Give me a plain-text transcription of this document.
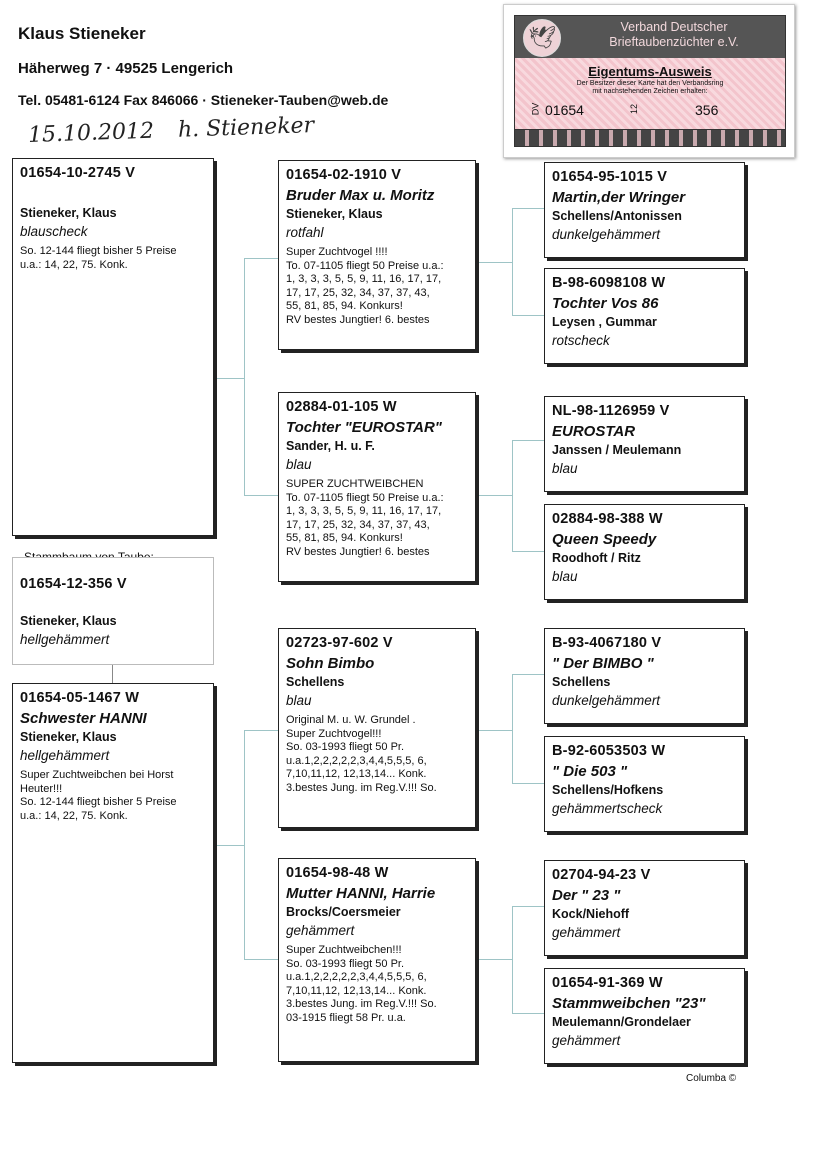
Klaus Stieneker
Häherweg 7 · 49525 Lengerich
Tel. 05481-6124 Fax 846066 · Stieneker-Tauben@web.de
15.10.2012 h. Stieneker
🕊	Verband Deutscher
Brieftaubenzüchter e.V.
Eigentums-Ausweis
Der Besitzer dieser Karte hat den Verbandsring
mit nachstehenden Zeichen erhalten:
DV 01654	12	356
01654-10-2745 V
Stieneker, Klaus
blauscheck
So. 12-144 fliegt bisher 5 Preise
u.a.: 14, 22, 75. Konk.
01654-12-356 V
Stieneker, Klaus
hellgehämmert
01654-05-1467 W
Schwester HANNI
Stieneker, Klaus
hellgehämmert
Super Zuchtweibchen bei Horst
Heuter!!!
So. 12-144 fliegt bisher 5 Preise
u.a.: 14, 22, 75. Konk.
01654-02-1910 V
Bruder Max u. Moritz
Stieneker, Klaus
rotfahl
Super Zuchtvogel !!!!
To. 07-1105 fliegt 50 Preise u.a.:
1, 3, 3, 3, 5, 5, 9, 11, 16, 17, 17,
17, 17, 25, 32, 34, 37, 37, 43,
55, 81, 85, 94. Konkurs!
RV bestes Jungtier! 6. bestes
02884-01-105 W
Tochter "EUROSTAR"
Sander, H. u. F.
blau
SUPER ZUCHTWEIBCHEN
To. 07-1105 fliegt 50 Preise u.a.:
1, 3, 3, 3, 5, 5, 9, 11, 16, 17, 17,
17, 17, 25, 32, 34, 37, 37, 43,
55, 81, 85, 94. Konkurs!
RV bestes Jungtier! 6. bestes
02723-97-602 V
Sohn Bimbo
Schellens
blau
Original M. u. W. Grundel .
Super Zuchtvogel!!!
So. 03-1993 fliegt 50 Pr.
u.a.1,2,2,2,2,2,3,4,4,5,5,5, 6,
7,10,11,12, 12,13,14... Konk.
3.bestes Jung. im Reg.V.!!! So.
01654-98-48 W
Mutter HANNI, Harrie
Brocks/Coersmeier
gehämmert
Super Zuchtweibchen!!!
So. 03-1993 fliegt 50 Pr.
u.a.1,2,2,2,2,2,3,4,4,5,5,5, 6,
7,10,11,12, 12,13,14... Konk.
3.bestes Jung. im Reg.V.!!! So.
03-1915 fliegt 58 Pr. u.a.
01654-95-1015 V
Martin,der Wringer
Schellens/Antonissen
dunkelgehämmert
B-98-6098108 W
Tochter Vos 86
Leysen , Gummar
rotscheck
NL-98-1126959 V
EUROSTAR
Janssen / Meulemann
blau
02884-98-388 W
Queen Speedy
Roodhoft / Ritz
blau
B-93-4067180 V
" Der BIMBO "
Schellens
dunkelgehämmert
B-92-6053503 W
" Die 503 "
Schellens/Hofkens
gehämmertscheck
02704-94-23 V
Der " 23 "
Kock/Niehoff
gehämmert
01654-91-369 W
Stammweibchen "23"
Meulemann/Grondelaer
gehämmert
Columba ©
